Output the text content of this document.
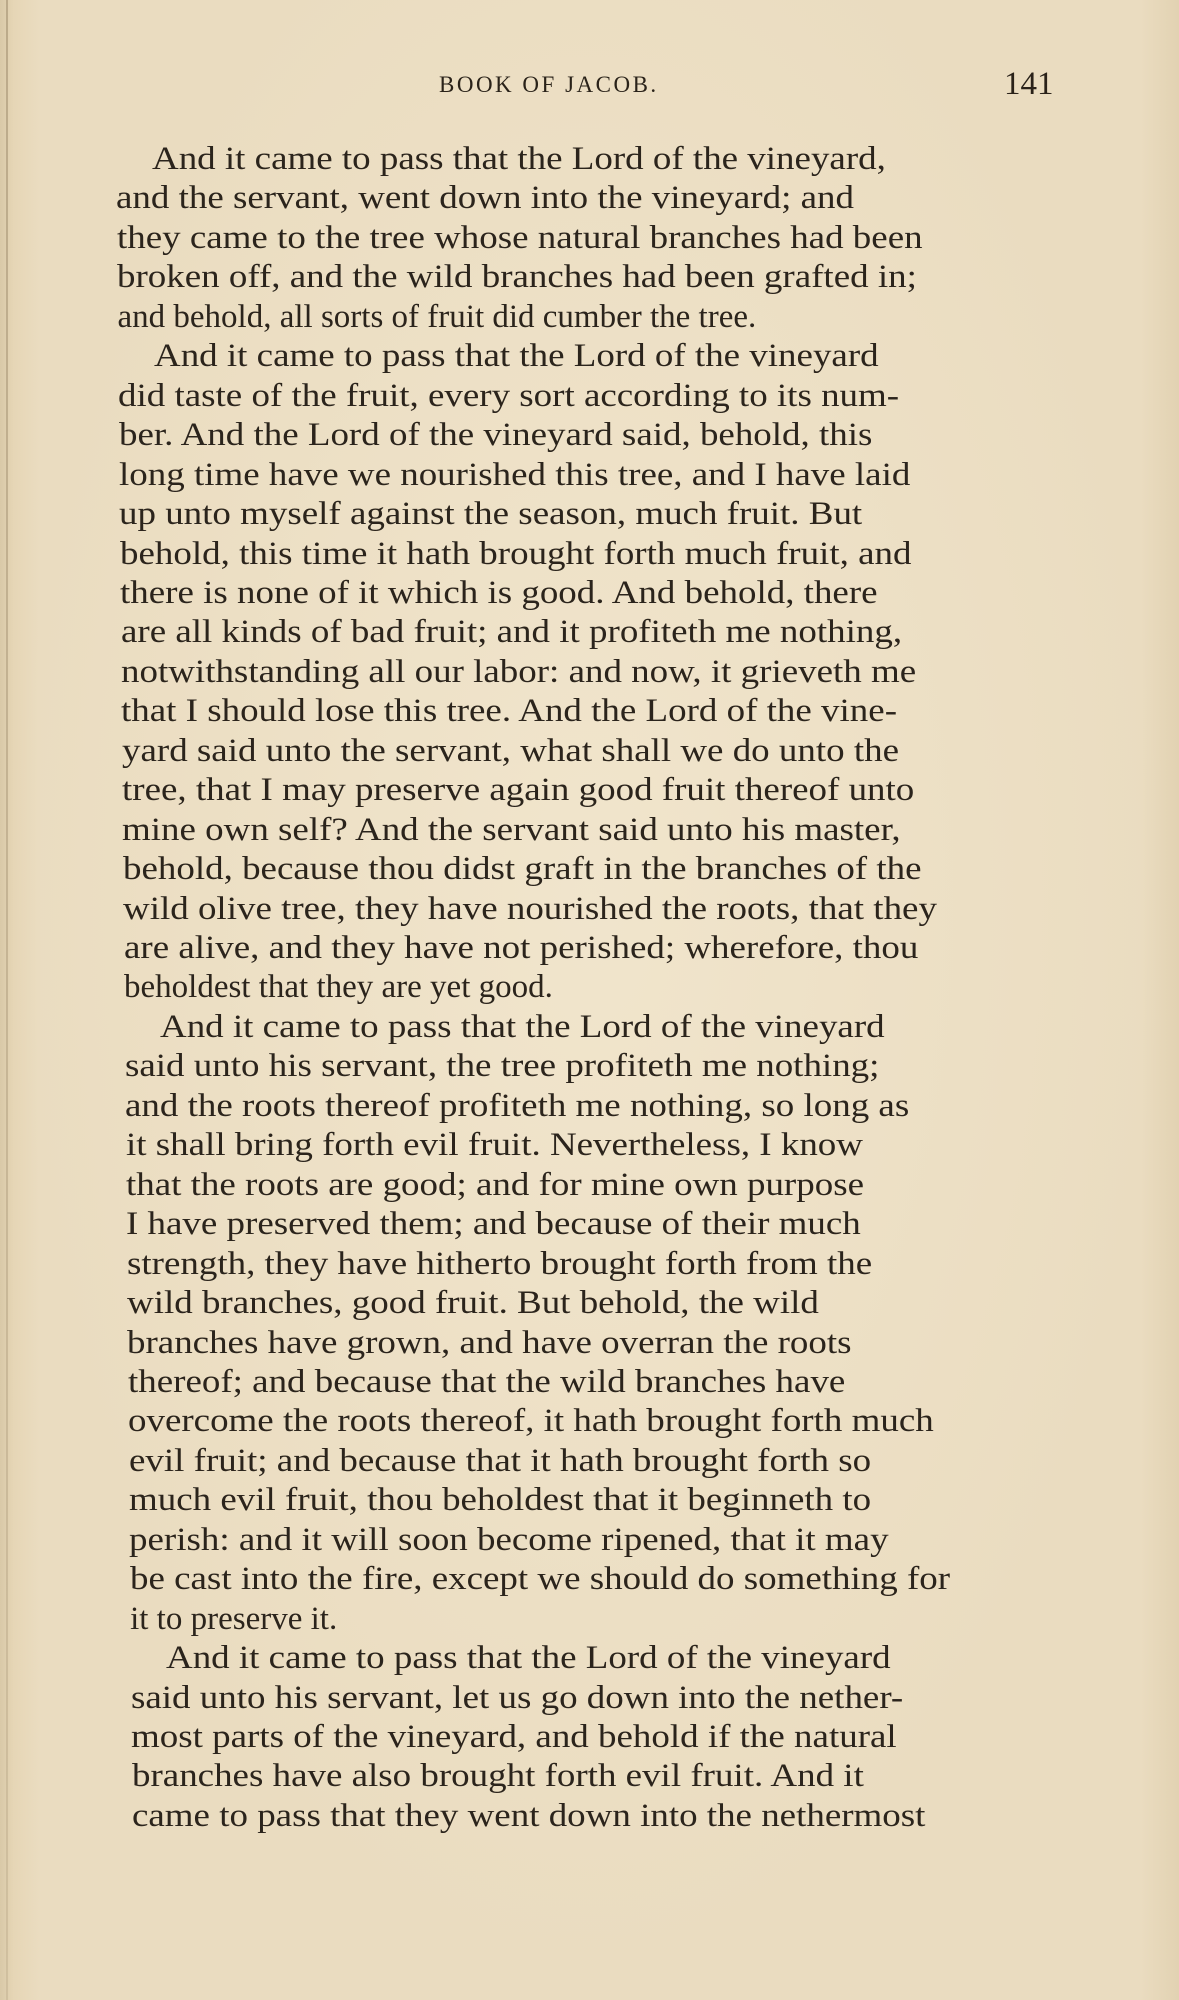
BOOK OF JACOB.	141
And it came to pass that the Lord of the vineyard,
and the servant, went down into the vineyard; and
they came to the tree whose natural branches had been
broken off, and the wild branches had been grafted in;
and behold, all sorts of fruit did cumber the tree.
And it came to pass that the Lord of the vineyard
did taste of the fruit, every sort according to its num-
ber. And the Lord of the vineyard said, behold, this
long time have we nourished this tree, and I have laid
up unto myself against the season, much fruit. But
behold, this time it hath brought forth much fruit, and
there is none of it which is good. And behold, there
are all kinds of bad fruit; and it profiteth me nothing,
notwithstanding all our labor: and now, it grieveth me
that I should lose this tree. And the Lord of the vine-
yard said unto the servant, what shall we do unto the
tree, that I may preserve again good fruit thereof unto
mine own self? And the servant said unto his master,
behold, because thou didst graft in the branches of the
wild olive tree, they have nourished the roots, that they
are alive, and they have not perished; wherefore, thou
beholdest that they are yet good.
And it came to pass that the Lord of the vineyard
said unto his servant, the tree profiteth me nothing;
and the roots thereof profiteth me nothing, so long as
it shall bring forth evil fruit. Nevertheless, I know
that the roots are good; and for mine own purpose
I have preserved them; and because of their much
strength, they have hitherto brought forth from the
wild branches, good fruit. But behold, the wild
branches have grown, and have overran the roots
thereof; and because that the wild branches have
overcome the roots thereof, it hath brought forth much
evil fruit; and because that it hath brought forth so
much evil fruit, thou beholdest that it beginneth to
perish: and it will soon become ripened, that it may
be cast into the fire, except we should do something for
it to preserve it.
And it came to pass that the Lord of the vineyard
said unto his servant, let us go down into the nether-
most parts of the vineyard, and behold if the natural
branches have also brought forth evil fruit. And it
came to pass that they went down into the nethermost
